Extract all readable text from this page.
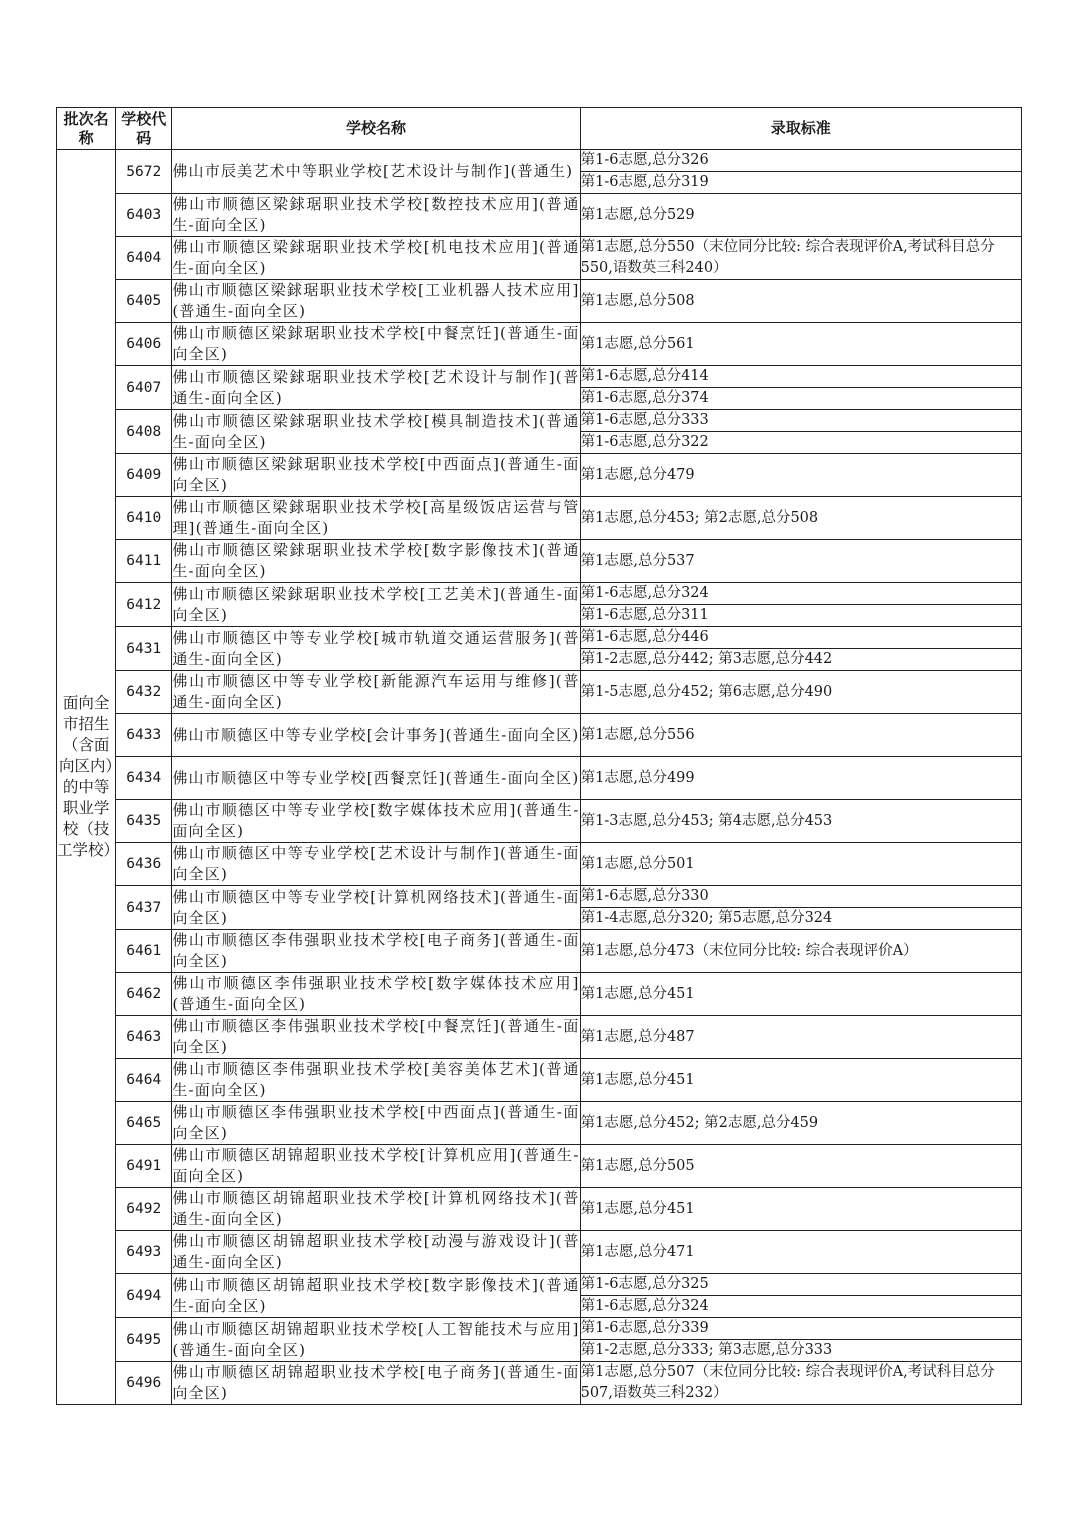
批次名称	学校代码	学校名称	录取标准
面向全市招生（含面向区内）的中等职业学校（技工学校）	5672	佛山市辰美艺术中等职业学校[艺术设计与制作](普通生)	第1-6志愿,总分326
第1-6志愿,总分319

	6403	佛山市顺德区梁銶琚职业技术学校[数控技术应用](普通生-面向全区)	第1志愿,总分529

	6404	佛山市顺德区梁銶琚职业技术学校[机电技术应用](普通生-面向全区)	第1志愿,总分550（末位同分比较: 综合表现评价A,考试科目总分550,语数英三科240）

	6405	佛山市顺德区梁銶琚职业技术学校[工业机器人技术应用](普通生-面向全区)	第1志愿,总分508

	6406	佛山市顺德区梁銶琚职业技术学校[中餐烹饪](普通生-面向全区)	第1志愿,总分561

	6407	佛山市顺德区梁銶琚职业技术学校[艺术设计与制作](普通生-面向全区)	第1-6志愿,总分414
第1-6志愿,总分374

	6408	佛山市顺德区梁銶琚职业技术学校[模具制造技术](普通生-面向全区)	第1-6志愿,总分333
第1-6志愿,总分322

	6409	佛山市顺德区梁銶琚职业技术学校[中西面点](普通生-面向全区)	第1志愿,总分479

	6410	佛山市顺德区梁銶琚职业技术学校[高星级饭店运营与管理](普通生-面向全区)	第1志愿,总分453; 第2志愿,总分508

	6411	佛山市顺德区梁銶琚职业技术学校[数字影像技术](普通生-面向全区)	第1志愿,总分537

	6412	佛山市顺德区梁銶琚职业技术学校[工艺美术](普通生-面向全区)	第1-6志愿,总分324
第1-6志愿,总分311

	6431	佛山市顺德区中等专业学校[城市轨道交通运营服务](普通生-面向全区)	第1-6志愿,总分446
第1-2志愿,总分442; 第3志愿,总分442

	6432	佛山市顺德区中等专业学校[新能源汽车运用与维修](普通生-面向全区)	第1-5志愿,总分452; 第6志愿,总分490

	6433	佛山市顺德区中等专业学校[会计事务](普通生-面向全区)	第1志愿,总分556

	6434	佛山市顺德区中等专业学校[西餐烹饪](普通生-面向全区)	第1志愿,总分499

	6435	佛山市顺德区中等专业学校[数字媒体技术应用](普通生-面向全区)	第1-3志愿,总分453; 第4志愿,总分453

	6436	佛山市顺德区中等专业学校[艺术设计与制作](普通生-面向全区)	第1志愿,总分501

	6437	佛山市顺德区中等专业学校[计算机网络技术](普通生-面向全区)	第1-6志愿,总分330
第1-4志愿,总分320; 第5志愿,总分324

	6461	佛山市顺德区李伟强职业技术学校[电子商务](普通生-面向全区)	第1志愿,总分473（末位同分比较: 综合表现评价A）

	6462	佛山市顺德区李伟强职业技术学校[数字媒体技术应用](普通生-面向全区)	第1志愿,总分451

	6463	佛山市顺德区李伟强职业技术学校[中餐烹饪](普通生-面向全区)	第1志愿,总分487

	6464	佛山市顺德区李伟强职业技术学校[美容美体艺术](普通生-面向全区)	第1志愿,总分451

	6465	佛山市顺德区李伟强职业技术学校[中西面点](普通生-面向全区)	第1志愿,总分452; 第2志愿,总分459

	6491	佛山市顺德区胡锦超职业技术学校[计算机应用](普通生-面向全区)	第1志愿,总分505

	6492	佛山市顺德区胡锦超职业技术学校[计算机网络技术](普通生-面向全区)	第1志愿,总分451

	6493	佛山市顺德区胡锦超职业技术学校[动漫与游戏设计](普通生-面向全区)	第1志愿,总分471

	6494	佛山市顺德区胡锦超职业技术学校[数字影像技术](普通生-面向全区)	第1-6志愿,总分325
第1-6志愿,总分324

	6495	佛山市顺德区胡锦超职业技术学校[人工智能技术与应用](普通生-面向全区)	第1-6志愿,总分339
第1-2志愿,总分333; 第3志愿,总分333

	6496	佛山市顺德区胡锦超职业技术学校[电子商务](普通生-面向全区)	第1志愿,总分507（末位同分比较: 综合表现评价A,考试科目总分507,语数英三科232）
